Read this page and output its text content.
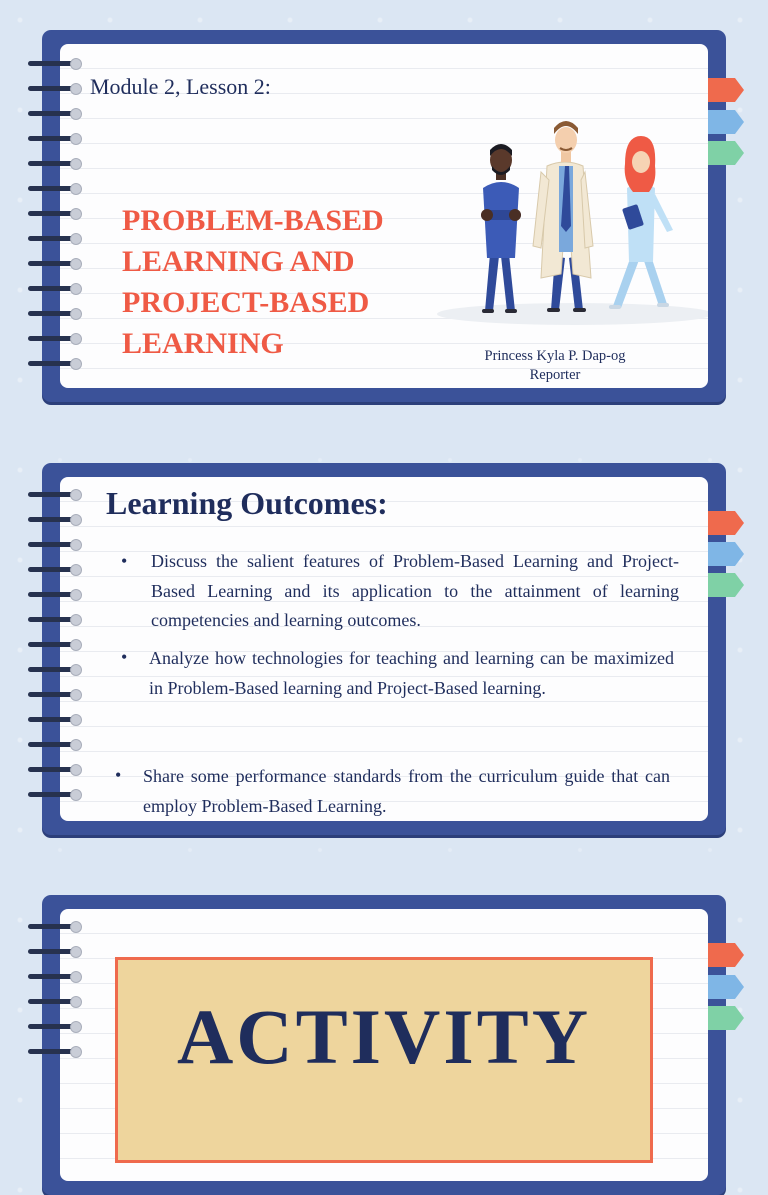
Module 2, Lesson 2:
PROBLEM-BASED
LEARNING AND
PROJECT-BASED
LEARNING	Princess Kyla P. Dap-og
Reporter
Learning Outcomes:
• Discuss the salient features of Problem-Based Learning and Project-Based Learning and its application to the attainment of learning competencies and learning outcomes.
• Analyze how technologies for teaching and learning can be maximized in Problem-Based learning and Project-Based learning.
• Share some performance standards from the curriculum guide that can employ Problem-Based Learning.
ACTIVITY
